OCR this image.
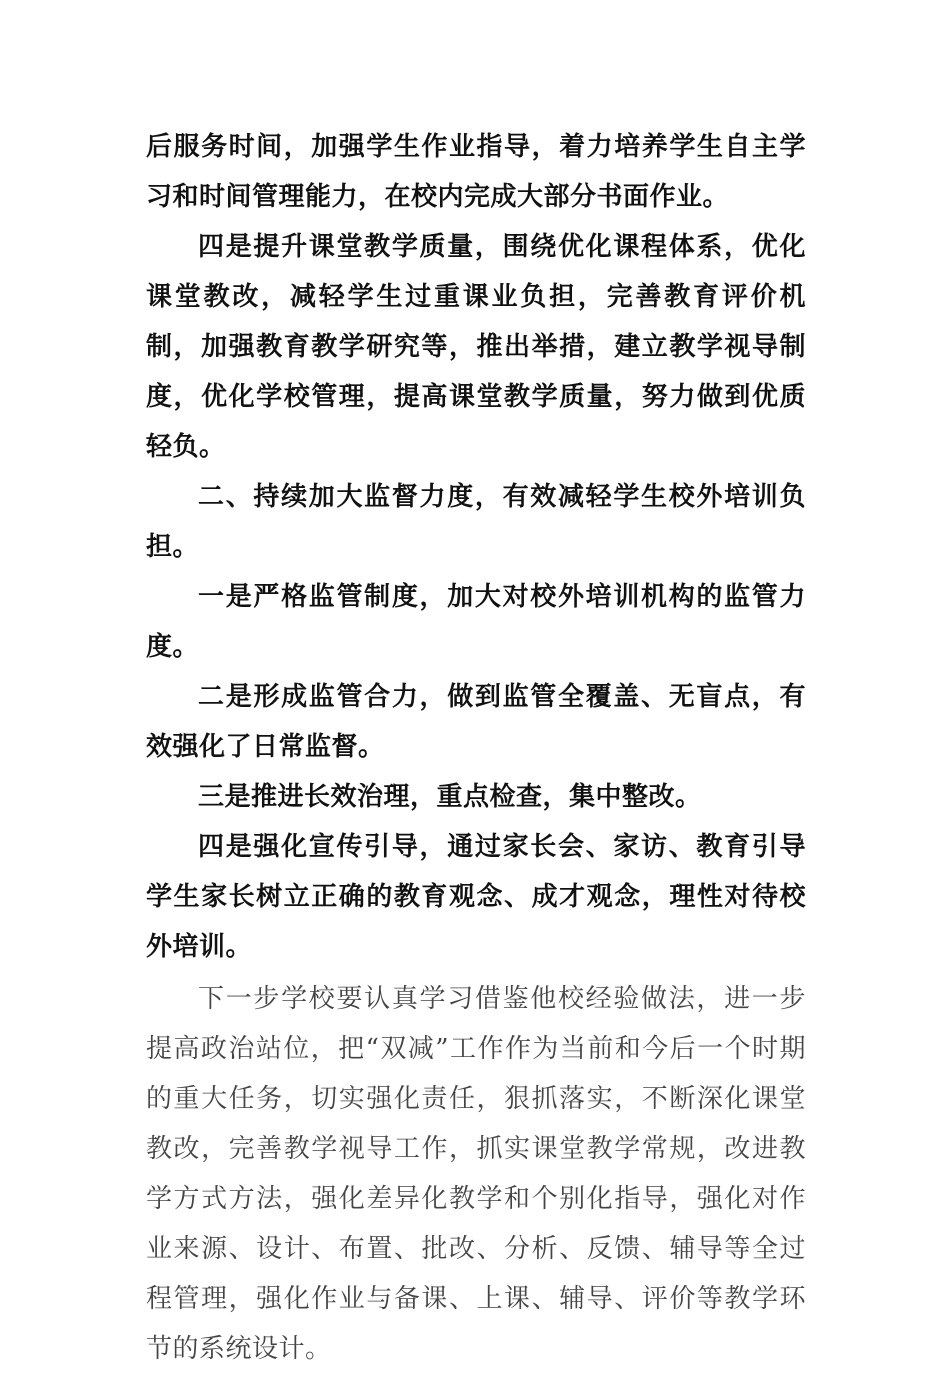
后服务时间，加强学生作业指导，着力培养学生自主学习和时间管理能力，在校内完成大部分书面作业。

四是提升课堂教学质量，围绕优化课程体系，优化课堂教改，减轻学生过重课业负担，完善教育评价机制，加强教育教学研究等，推出举措，建立教学视导制度，优化学校管理，提高课堂教学质量，努力做到优质轻负。

二、持续加大监督力度，有效减轻学生校外培训负担。

一是严格监管制度，加大对校外培训机构的监管力度。

二是形成监管合力，做到监管全覆盖、无盲点，有效强化了日常监督。

三是推进长效治理，重点检查，集中整改。

四是强化宣传引导，通过家长会、家访、教育引导学生家长树立正确的教育观念、成才观念，理性对待校外培训。

下一步学校要认真学习借鉴他校经验做法，进一步提高政治站位，把“双减”工作作为当前和今后一个时期的重大任务，切实强化责任，狠抓落实，不断深化课堂教改，完善教学视导工作，抓实课堂教学常规，改进教学方式方法，强化差异化教学和个别化指导，强化对作业来源、设计、布置、批改、分析、反馈、辅导等全过程管理，强化作业与备课、上课、辅导、评价等教学环节的系统设计。
